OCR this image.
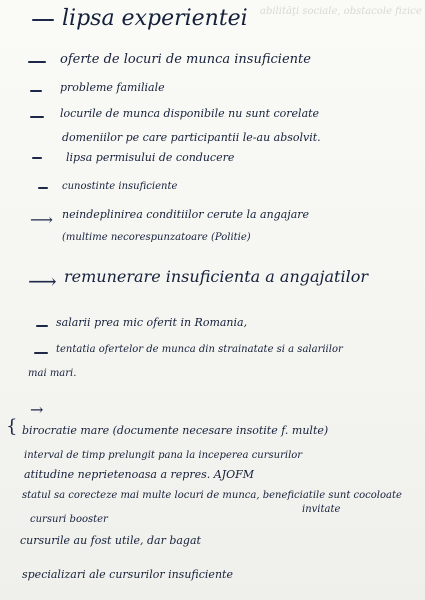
abilităţi sociale, obstacole fizice
⟶
⟶
→
{
lipsa experientei
oferte de locuri de munca insuficiente
probleme familiale
locurile de munca disponibile nu sunt corelate
domeniilor pe care participantii le-au absolvit.
lipsa permisului de conducere
cunostinte insuficiente
neindeplinirea conditiilor cerute la angajare
(multime necorespunzatoare (Politie)
remunerare insuficienta a angajatilor
salarii prea mic oferit in Romania,
tentatia ofertelor de munca din strainatate si a salariilor
mai mari.
birocratie mare (documente necesare insotite f. multe)
interval de timp prelungit pana la inceperea cursurilor
atitudine neprietenoasa a repres. AJOFM
statul sa corecteze mai multe locuri de munca, beneficiatile sunt cocoloate
invitate
cursuri booster
cursurile au fost utile, dar bagat
specializari ale cursurilor insuficiente
